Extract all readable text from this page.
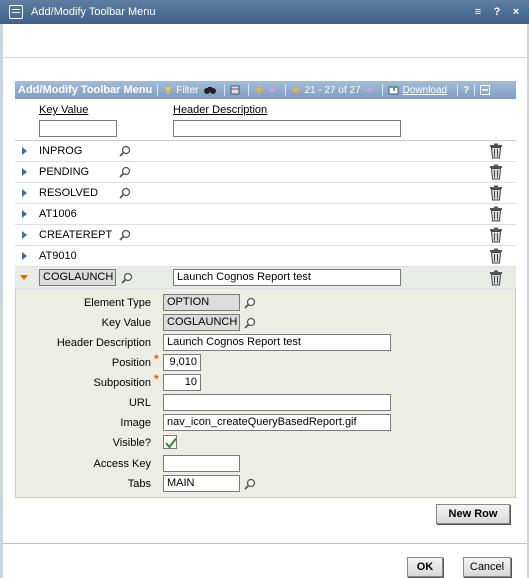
Add/Modify Toolbar Menu	≡	?	×
Add/Modify Toolbar Menu Filter	21 - 27 of 27	Download ?
Key Value	Header Description
INPROG
PENDING
RESOLVED
AT1006
CREATEREPT
AT9010
COGLAUNCH	Launch Cognos Report test
Element Type	OPTION
Key Value	COGLAUNCH
Header Description	Launch Cognos Report test
Position * 9,010
Subposition *	10
URL
Image	nav_icon_createQueryBasedReport.gif
Visible?
Access Key
Tabs	MAIN
New Row
OK	Cancel
